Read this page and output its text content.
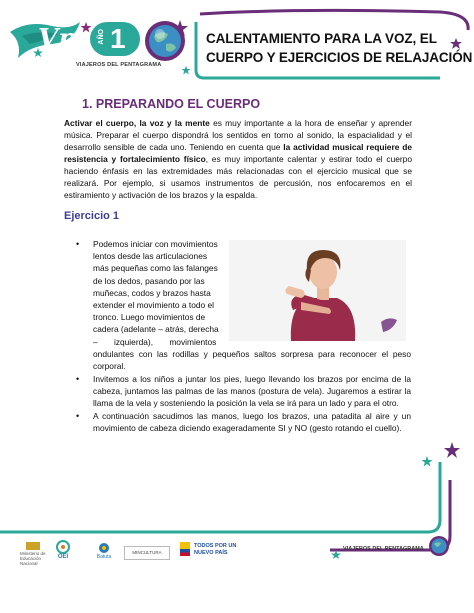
Vp	AÑO 1
VIAJEROS DEL PENTAGRAMA
CALENTAMIENTO PARA LA VOZ, EL
CUERPO Y EJERCICIOS DE RELAJACIÓN
1. PREPARANDO EL CUERPO
Activar el cuerpo, la voz y la mente es muy importante a la hora de enseñar y aprender música. Preparar el cuerpo dispondrá los sentidos en torno al sonido, la espacialidad y el desarrollo sensible de cada uno. Teniendo en cuenta que la actividad musical requiere de resistencia y fortalecimiento físico, es muy importante calentar y estirar todo el cuerpo haciendo énfasis en las extremidades más relacionadas con el ejercicio musical que se realizará. Por ejemplo, si usamos instrumentos de percusión, nos enfocaremos en el estiramiento y activación de los brazos y la espalda.
Ejercicio 1
• Podemos iniciar con movimientos
lentos desde las articulaciones
más pequeñas como las falanges
de los dedos, pasando por las
muñecas, codos y brazos hasta
extender el movimiento a todo el
tronco. Luego movimientos de
cadera (adelante – atrás, derecha
–       izquierda),       movimientos
ondulantes con las rodillas y pequeños saltos sorpresa para reconocer el peso corporal.
• Invitemos a los niños a juntar los pies, luego llevando los brazos por encima de la cabeza, juntamos las palmas de las manos (postura de vela). Jugaremos a estirar la llama de la vela y sosteniendo la posición la vela se irá para un lado y para el otro.
• A continuación sacudimos las manos, luego los brazos, una patadita al aire y un movimiento de cabeza diciendo exageradamente SI y NO (gesto rotando el cuello).
VIAJEROS DEL PENTAGRAMA
Ministerio de Educación Nacional
OEI	Batuta
MINCULTURA
TODOS POR UN NUEVO PAÍS
